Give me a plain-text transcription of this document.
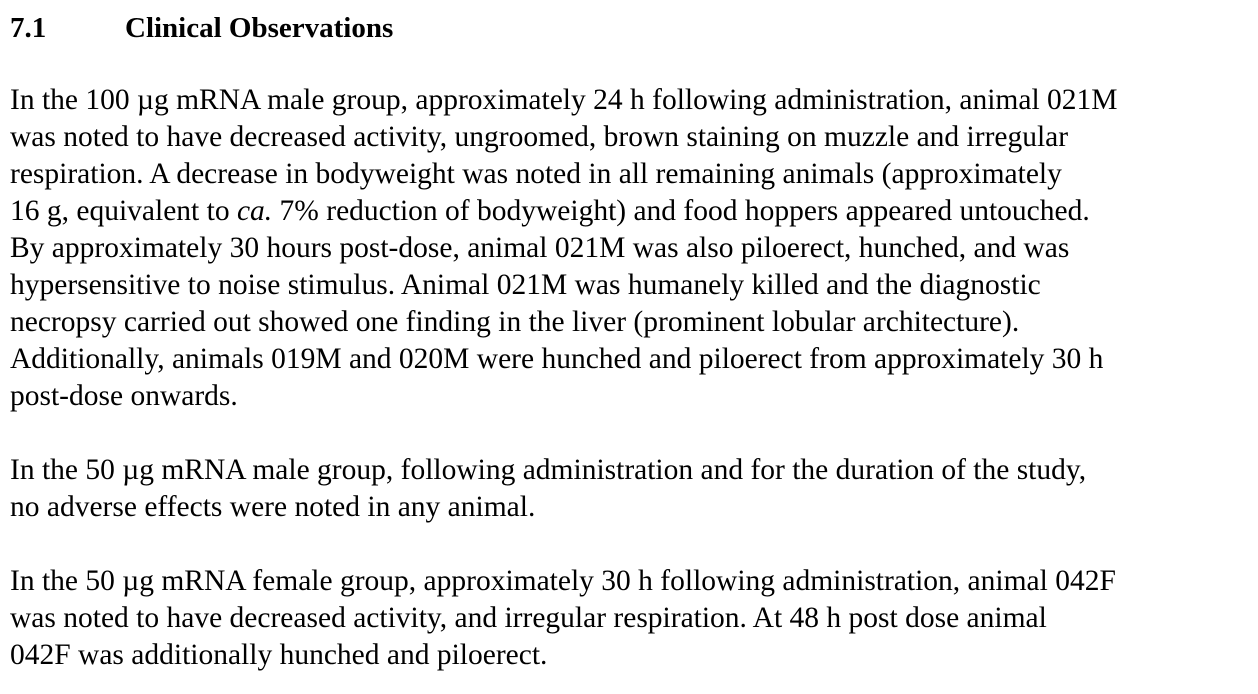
7.1	Clinical Observations

In the 100 µg mRNA male group, approximately 24 h following administration, animal 021M
was noted to have decreased activity, ungroomed, brown staining on muzzle and irregular
respiration. A decrease in bodyweight was noted in all remaining animals (approximately
16 g, equivalent to ca. 7% reduction of bodyweight) and food hoppers appeared untouched.
By approximately 30 hours post-dose, animal 021M was also piloerect, hunched, and was
hypersensitive to noise stimulus. Animal 021M was humanely killed and the diagnostic
necropsy carried out showed one finding in the liver (prominent lobular architecture).
Additionally, animals 019M and 020M were hunched and piloerect from approximately 30 h
post-dose onwards.

In the 50 µg mRNA male group, following administration and for the duration of the study,
no adverse effects were noted in any animal.

In the 50 µg mRNA female group, approximately 30 h following administration, animal 042F
was noted to have decreased activity, and irregular respiration. At 48 h post dose animal
042F was additionally hunched and piloerect.
